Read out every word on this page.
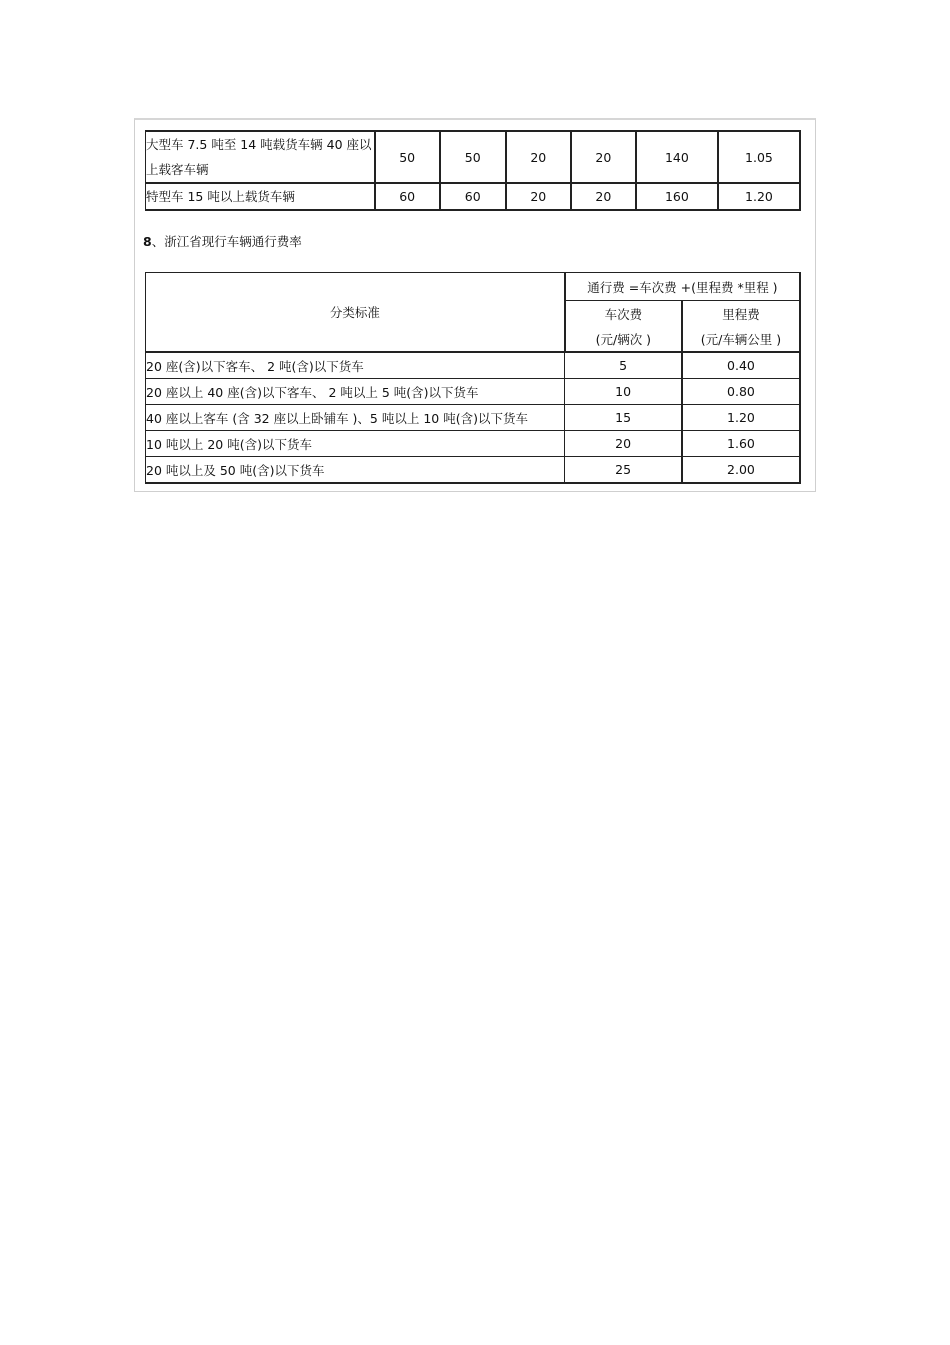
大型车 7.5 吨至 14 吨载货车辆 40 座以上载客车辆	50	50	20	20	140	1.05
特型车 15 吨以上载货车辆	60	60	20	20	160	1.20
8、浙江省现行车辆通行费率
分类标准	通行费 =车次费 +(里程费 *里程 )	
	车次费	里程费
	(元/辆次 )	(元/车辆公里 )
20 座(含)以下客车、 2 吨(含)以下货车	5	0.40
20 座以上 40 座(含)以下客车、 2 吨以上 5 吨(含)以下货车	10	0.80
40 座以上客车 (含 32 座以上卧铺车 )、5 吨以上 10 吨(含)以下货车	15	1.20
10 吨以上 20 吨(含)以下货车	20	1.60
20 吨以上及 50 吨(含)以下货车	25	2.00
